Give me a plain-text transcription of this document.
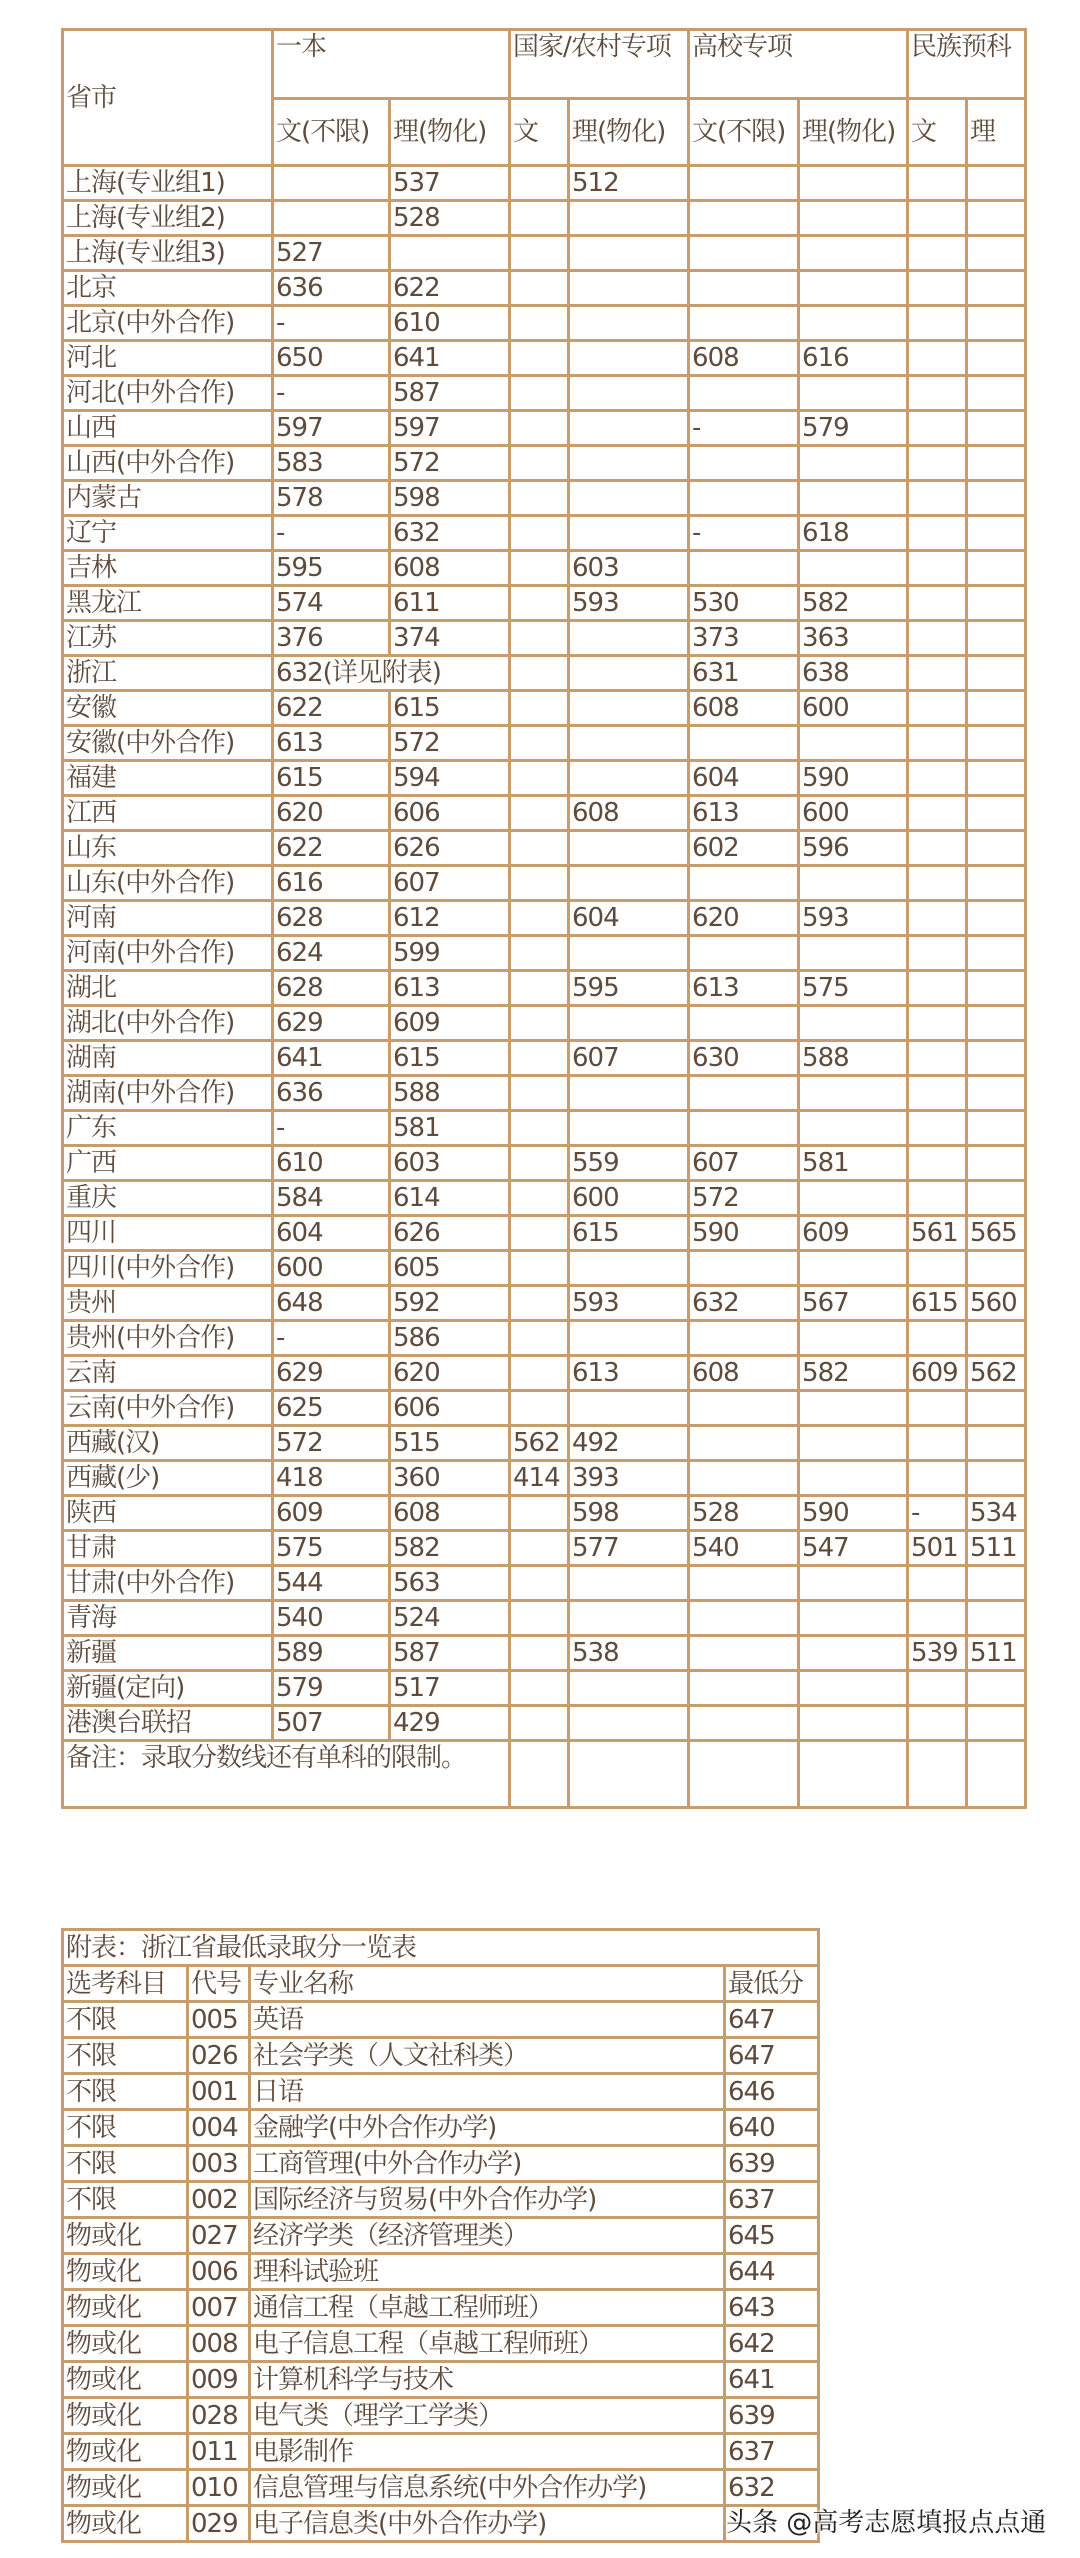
省市	一本		国家/农村专项		高校专项		民族预科	
	文(不限)	理(物化)	文	理(物化)	文(不限)	理(物化)	文	理
上海(专业组1)		537		512				
上海(专业组2)		528						
上海(专业组3)	527							
北京	636	622						
北京(中外合作)	-	610						
河北	650	641			608	616		
河北(中外合作)	-	587						
山西	597	597			-	579		
山西(中外合作)	583	572						
内蒙古	578	598						
辽宁	-	632			-	618		
吉林	595	608		603				
黑龙江	574	611		593	530	582		
江苏	376	374			373	363		
浙江	632(详见附表)				631	638		
安徽	622	615			608	600		
安徽(中外合作)	613	572						
福建	615	594			604	590		
江西	620	606		608	613	600		
山东	622	626			602	596		
山东(中外合作)	616	607						
河南	628	612		604	620	593		
河南(中外合作)	624	599						
湖北	628	613		595	613	575		
湖北(中外合作)	629	609						
湖南	641	615		607	630	588		
湖南(中外合作)	636	588						
广东	-	581						
广西	610	603		559	607	581		
重庆	584	614		600	572			
四川	604	626		615	590	609	561	565
四川(中外合作)	600	605						
贵州	648	592		593	632	567	615	560
贵州(中外合作)	-	586						
云南	629	620		613	608	582	609	562
云南(中外合作)	625	606						
西藏(汉)	572	515	562	492				
西藏(少)	418	360	414	393				
陕西	609	608		598	528	590	-	534
甘肃	575	582		577	540	547	501	511
甘肃(中外合作)	544	563						
青海	540	524						
新疆	589	587		538			539	511
新疆(定向)	579	517						
港澳台联招	507	429						
备注：录取分数线还有单科的限制。								
附表：浙江省最低录取分一览表			
选考科目	代号	专业名称	最低分
不限	005	英语	647
不限	026	社会学类（人文社科类）	647
不限	001	日语	646
不限	004	金融学(中外合作办学)	640
不限	003	工商管理(中外合作办学)	639
不限	002	国际经济与贸易(中外合作办学)	637
物或化	027	经济学类（经济管理类）	645
物或化	006	理科试验班	644
物或化	007	通信工程（卓越工程师班）	643
物或化	008	电子信息工程（卓越工程师班）	642
物或化	009	计算机科学与技术	641
物或化	028	电气类（理学工学类）	639
物或化	011	电影制作	637
物或化	010	信息管理与信息系统(中外合作办学)	632
物或化	029	电子信息类(中外合作办学)		头条 @高考志愿填报点点通
